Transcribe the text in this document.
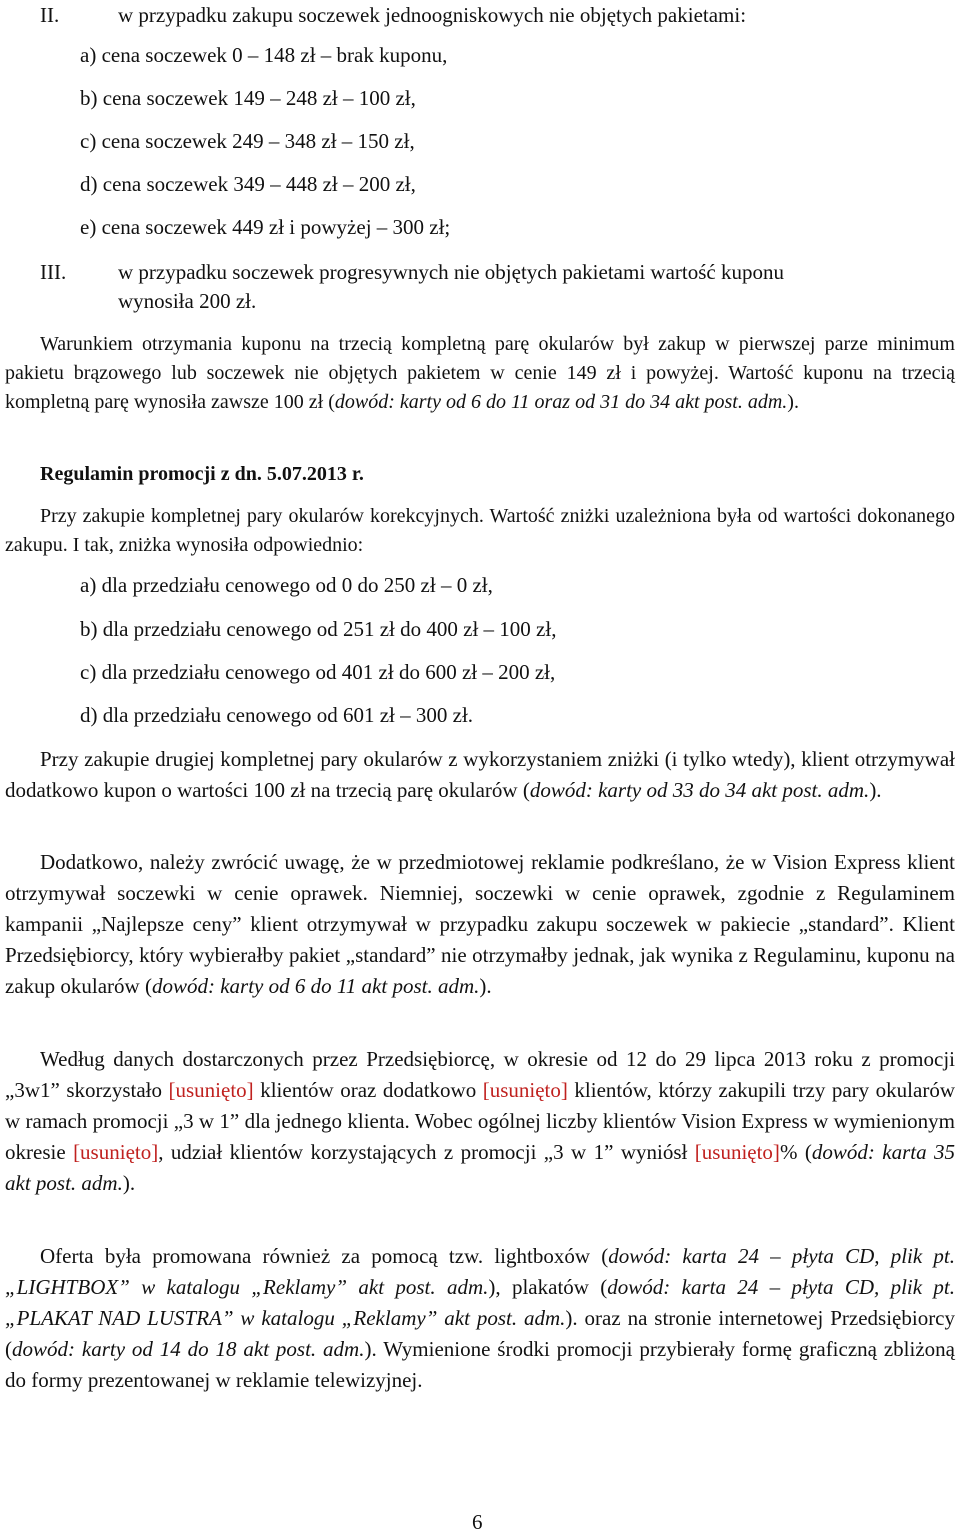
II.	w przypadku zakupu soczewek jednoogniskowych nie objętych pakietami:
a) cena soczewek 0 – 148 zł – brak kuponu,
b) cena soczewek 149 – 248 zł – 100 zł,
c) cena soczewek 249 – 348 zł – 150 zł,
d) cena soczewek 349 – 448 zł – 200 zł,
e) cena soczewek 449 zł i powyżej – 300 zł;
III. w przypadku soczewek progresywnych nie objętych pakietami wartość kuponu
wynosiła 200 zł.

Warunkiem otrzymania kuponu na trzecią kompletną parę okularów był zakup w pierwszej parze minimum pakietu brązowego lub soczewek nie objętych pakietem w cenie 149 zł i powyżej. Wartość kuponu na trzecią kompletną parę wynosiła zawsze 100 zł (dowód: karty od 6 do 11 oraz od 31 do 34 akt post. adm.).

Regulamin promocji z dn. 5.07.2013 r.

Przy zakupie kompletnej pary okularów korekcyjnych. Wartość zniżki uzależniona była od wartości dokonanego zakupu. I tak, zniżka wynosiła odpowiednio:

a) dla przedziału cenowego od 0 do 250 zł – 0 zł,
b) dla przedziału cenowego od 251 zł do 400 zł – 100 zł,
c) dla przedziału cenowego od 401 zł do 600 zł – 200 zł,
d) dla przedziału cenowego od 601 zł – 300 zł.

Przy zakupie drugiej kompletnej pary okularów z wykorzystaniem zniżki (i tylko wtedy), klient otrzymywał dodatkowo kupon o wartości 100 zł na trzecią parę okularów (dowód: karty od 33 do 34 akt post. adm.).

Dodatkowo, należy zwrócić uwagę, że w przedmiotowej reklamie podkreślano, że w Vision Express klient otrzymywał soczewki w cenie oprawek. Niemniej, soczewki w cenie oprawek, zgodnie z Regulaminem kampanii „Najlepsze ceny” klient otrzymywał w przypadku zakupu soczewek w pakiecie „standard”. Klient Przedsiębiorcy, który wybierałby pakiet „standard” nie otrzymałby jednak, jak wynika z Regulaminu, kuponu na zakup okularów (dowód: karty od 6 do 11 akt post. adm.).

Według danych dostarczonych przez Przedsiębiorcę, w okresie od 12 do 29 lipca 2013 roku z promocji „3w1” skorzystało [usunięto] klientów oraz dodatkowo [usunięto] klientów, którzy zakupili trzy pary okularów w ramach promocji „3 w 1” dla jednego klienta. Wobec ogólnej liczby klientów Vision Express w wymienionym okresie [usunięto], udział klientów korzystających z promocji „3 w 1” wyniósł [usunięto]% (dowód: karta 35 akt post. adm.).

Oferta była promowana również za pomocą tzw. lightboxów (dowód: karta 24 – płyta CD, plik pt. „LIGHTBOX” w katalogu „Reklamy” akt post. adm.), plakatów (dowód: karta 24 – płyta CD, plik pt. „PLAKAT NAD LUSTRA” w katalogu „Reklamy” akt post. adm.). oraz na stronie internetowej Przedsiębiorcy (dowód: karty od 14 do 18 akt post. adm.). Wymienione środki promocji przybierały formę graficzną zbliżoną do formy prezentowanej w reklamie telewizyjnej.

6
